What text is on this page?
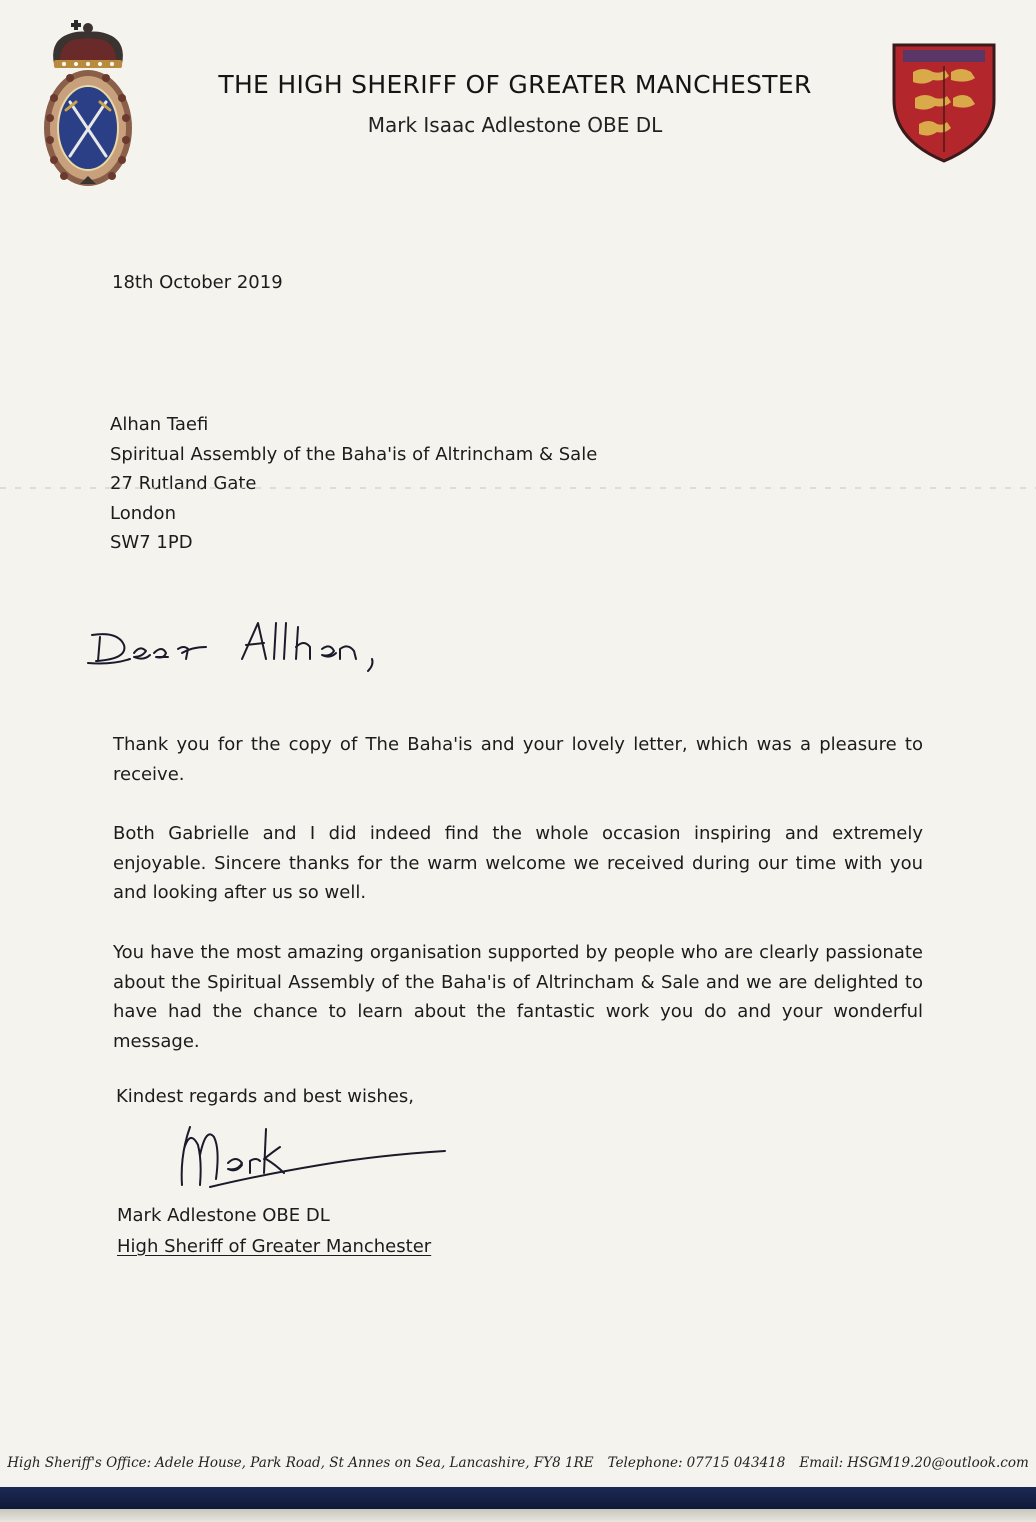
THE HIGH SHERIFF OF GREATER MANCHESTER
Mark Isaac Adlestone OBE DL
18th October 2019
Alhan Taefi
Spiritual Assembly of the Baha'is of Altrincham & Sale
27 Rutland Gate
London
SW7 1PD

Thank you for the copy of The Baha'is and your lovely letter, which was a pleasure to receive.

Both Gabrielle and I did indeed find the whole occasion inspiring and extremely enjoyable. Sincere thanks for the warm welcome we received during our time with you and looking after us so well.

You have the most amazing organisation supported by people who are clearly passionate about the Spiritual Assembly of the Baha'is of Altrincham & Sale and we are delighted to have had the chance to learn about the fantastic work you do and your wonderful message.

Kindest regards and best wishes,
Mark Adlestone OBE DL
High Sheriff of Greater Manchester
High Sheriff's Office: Adele House, Park Road, St Annes on Sea, Lancashire, FY8 1RE Telephone: 07715 043418 Email: HSGM19.20@outlook.com
